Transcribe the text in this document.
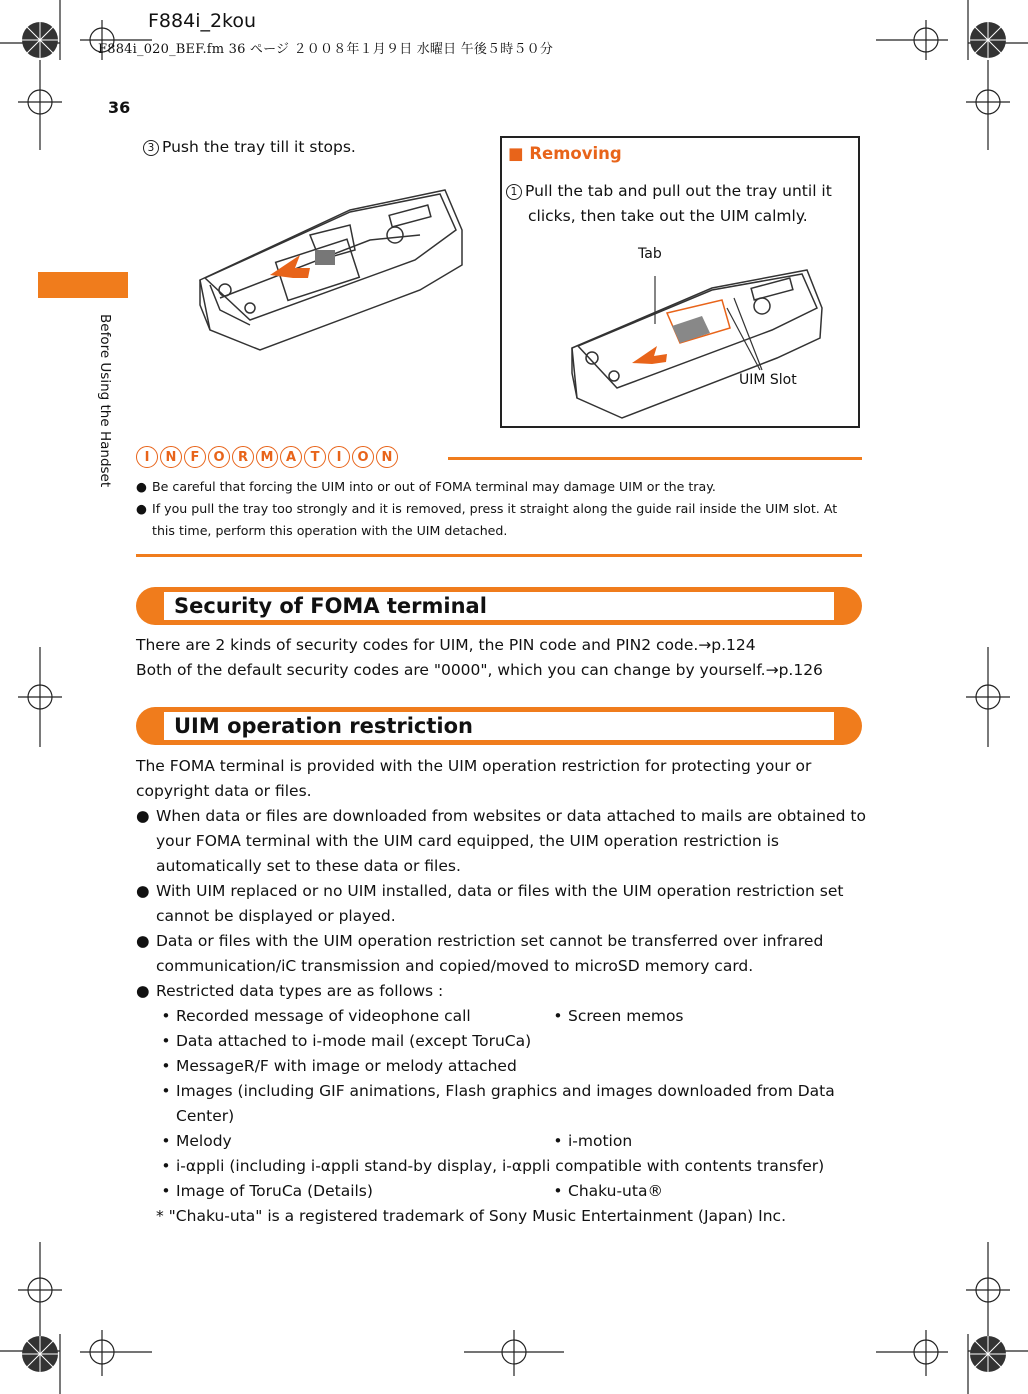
F884i_2kou
F884i_020_BEF.fm 36 ページ ２００８年１月９日 水曜日 午後５時５０分
36
Before Using the Handset
3 Push the tray till it stops.	■ Removing
1 Pull the tab and pull out the tray until it clicks, then take out the UIM calmly.
Tab
UIM Slot
I	N	F	O	R M A	T	I	O	N
● Be careful that forcing the UIM into or out of FOMA terminal may damage UIM or the tray.
● If you pull the tray too strongly and it is removed, press it straight along the guide rail inside the UIM slot. At this time, perform this operation with the UIM detached.
Security of FOMA terminal
There are 2 kinds of security codes for UIM, the PIN code and PIN2 code.→p.124
Both of the default security codes are "0000", which you can change by yourself.→p.126
UIM operation restriction
The FOMA terminal is provided with the UIM operation restriction for protecting your or copyright data or files.
● When data or files are downloaded from websites or data attached to mails are obtained to your FOMA terminal with the UIM card equipped, the UIM operation restriction is automatically set to these data or files.
● With UIM replaced or no UIM installed, data or files with the UIM operation restriction set cannot be displayed or played.
● Data or files with the UIM operation restriction set cannot be transferred over infrared communication/iC transmission and copied/moved to microSD memory card.
● Restricted data types are as follows :
• Recorded message of videophone call	• Screen memos
• Data attached to i-mode mail (except ToruCa)
• MessageR/F with image or melody attached
• Images (including GIF animations, Flash graphics and images downloaded from Data Center)
• Melody	• i-motion
• i-αppli (including i-αppli stand-by display, i-αppli compatible with contents transfer)
• Image of ToruCa (Details)	• Chaku-uta®
* "Chaku-uta" is a registered trademark of Sony Music Entertainment (Japan) Inc.
